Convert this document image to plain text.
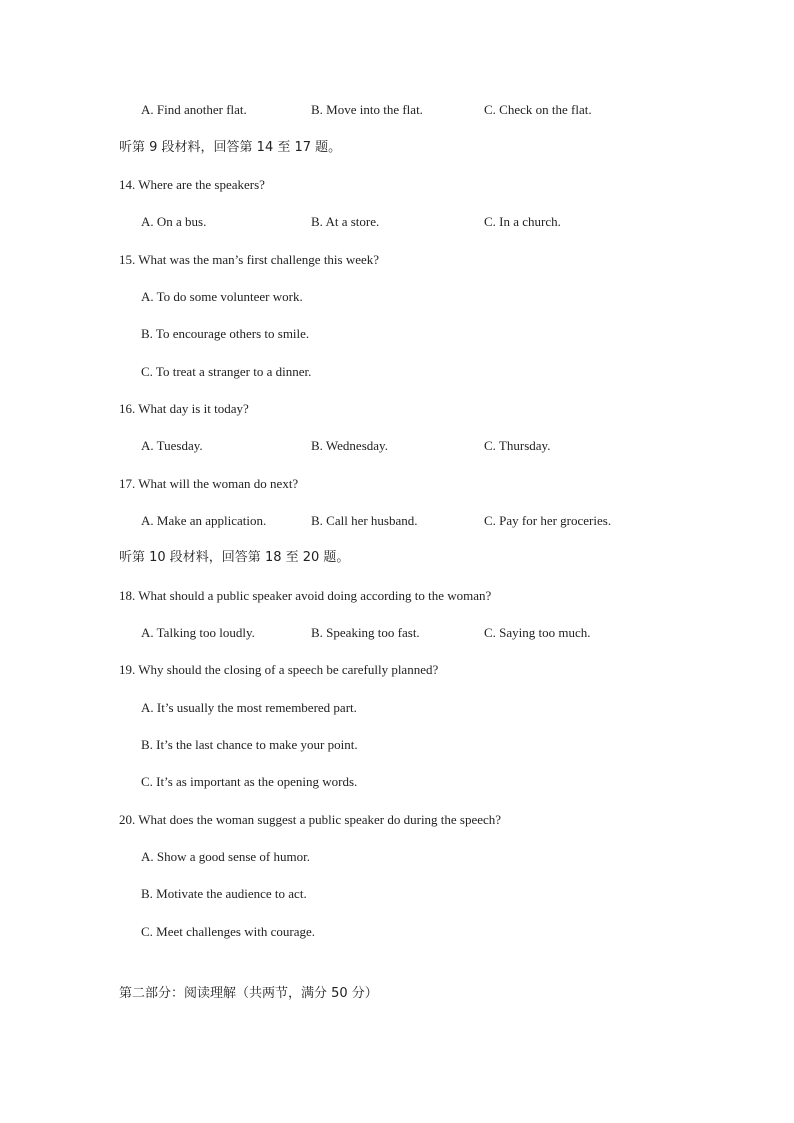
A. Find another flat.	B. Move into the flat.	C. Check on the flat.
听第 9 段材料，回答第 14 至 17 题。
14. Where are the speakers?
A. On a bus.	B. At a store.	C. In a church.
15. What was the man’s first challenge this week?
A. To do some volunteer work.
B. To encourage others to smile.
C. To treat a stranger to a dinner.
16. What day is it today?
A. Tuesday.	B. Wednesday.	C. Thursday.
17. What will the woman do next?
A. Make an application.	B. Call her husband.	C. Pay for her groceries.
听第 10 段材料，回答第 18 至 20 题。
18. What should a public speaker avoid doing according to the woman?
A. Talking too loudly.	B. Speaking too fast.	C. Saying too much.
19. Why should the closing of a speech be carefully planned?
A. It’s usually the most remembered part.
B. It’s the last chance to make your point.
C. It’s as important as the opening words.
20. What does the woman suggest a public speaker do during the speech?
A. Show a good sense of humor.
B. Motivate the audience to act.
C. Meet challenges with courage.
第二部分：阅读理解（共两节，满分 50 分）
